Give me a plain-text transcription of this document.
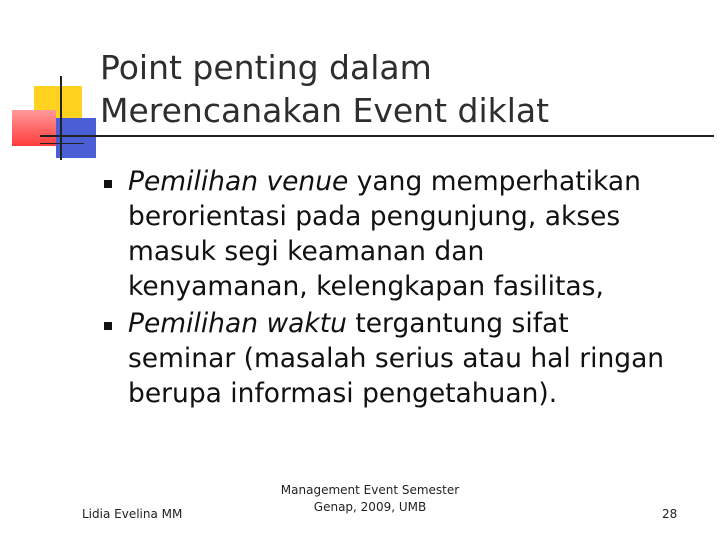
Point penting dalam
Merencanakan Event diklat
Pemilihan venue yang memperhatikan
berorientasi pada pengunjung, akses
masuk segi keamanan dan
kenyamanan, kelengkapan fasilitas,
Pemilihan waktu tergantung sifat
seminar (masalah serius atau hal ringan
berupa informasi pengetahuan).
Lidia Evelina MM
Management Event Semester
Genap, 2009, UMB	28
